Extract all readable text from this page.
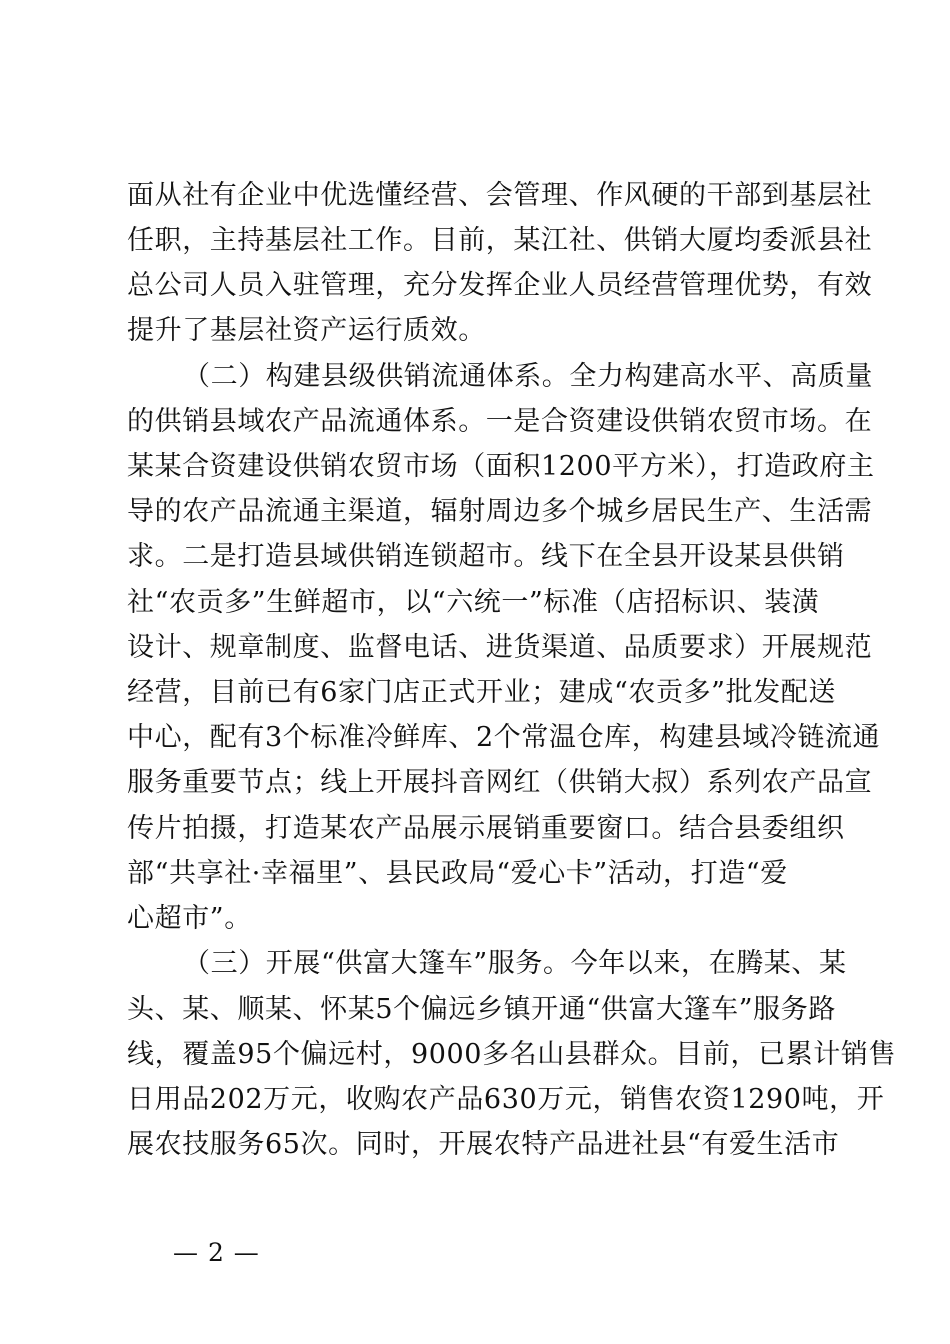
面从社有企业中优选懂经营、会管理、作风硬的干部到基层社
任职，主持基层社工作。目前，某江社、供销大厦均委派县社
总公司人员入驻管理，充分发挥企业人员经营管理优势，有效
提升了基层社资产运行质效。
（二）构建县级供销流通体系。全力构建高水平、高质量
的供销县域农产品流通体系。一是合资建设供销农贸市场。在
某某合资建设供销农贸市场（面积1200平方米），打造政府主
导的农产品流通主渠道，辐射周边多个城乡居民生产、生活需
求。二是打造县域供销连锁超市。线下在全县开设某县供销
社“农贡多”生鲜超市，以“六统一”标准（店招标识、装潢
设计、规章制度、监督电话、进货渠道、品质要求）开展规范
经营，目前已有6家门店正式开业；建成“农贡多”批发配送
中心，配有3个标准冷鲜库、2个常温仓库，构建县域冷链流通
服务重要节点；线上开展抖音网红（供销大叔）系列农产品宣
传片拍摄，打造某农产品展示展销重要窗口。结合县委组织
部“共享社·幸福里”、县民政局“爱心卡”活动，打造“爱
心超市”。
（三）开展“供富大篷车”服务。今年以来，在腾某、某
头、某、顺某、怀某5个偏远乡镇开通“供富大篷车”服务路
线，覆盖95个偏远村，9000多名山县群众。目前，已累计销售
日用品202万元，收购农产品630万元，销售农资1290吨，开
展农技服务65次。同时，开展农特产品进社县“有爱生活市
— 2 —
